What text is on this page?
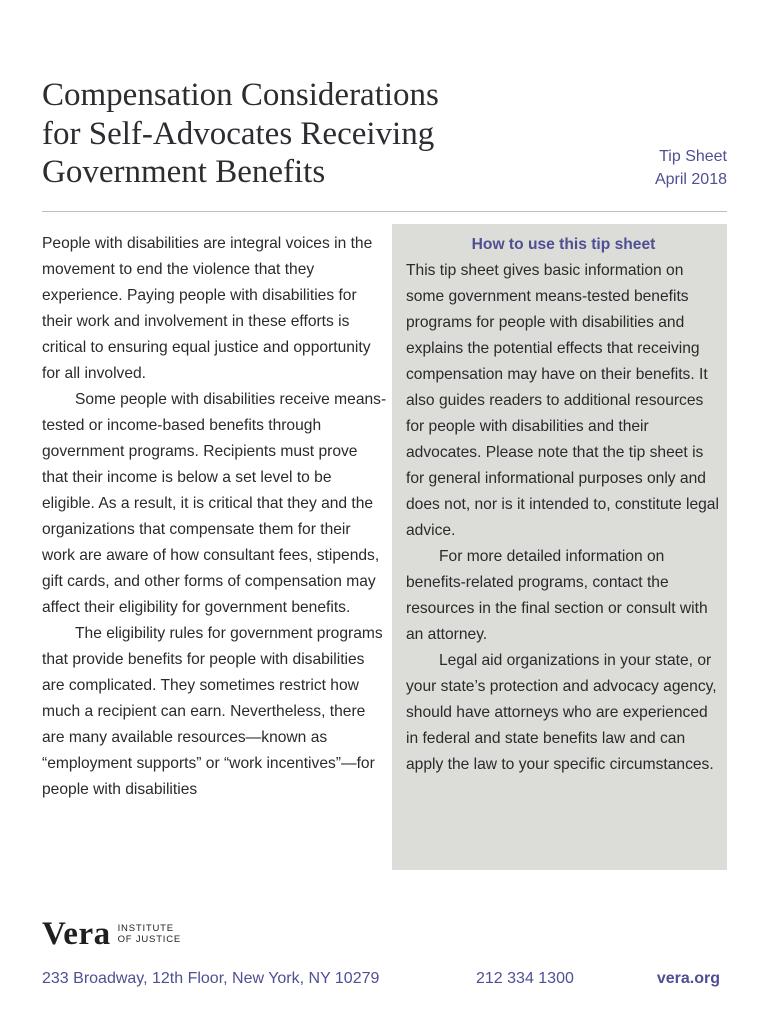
Compensation Considerations
for Self-Advocates Receiving
Government Benefits	Tip Sheet
April 2018

People with disabilities are integral voices in the movement to end the violence that they experience. Paying people with disabilities for their work and involvement in these efforts is critical to ensuring equal justice and opportunity for all involved.

Some people with disabilities receive means-tested or income-based benefits through government programs. Recipients must prove that their income is below a set level to be eligible. As a result, it is critical that they and the organizations that compensate them for their work are aware of how consultant fees, stipends, gift cards, and other forms of compensation may affect their eligibility for government benefits.

The eligibility rules for government programs that provide benefits for people with disabilities are complicated. They sometimes restrict how much a recipient can earn. Nevertheless, there are many available resources—known as “employment supports” or “work incentives”—for people with disabilities

How to use this tip sheet

This tip sheet gives basic information on some government means-tested benefits programs for people with disabilities and explains the potential effects that receiving compensation may have on their benefits. It also guides readers to additional resources for people with disabilities and their advocates. Please note that the tip sheet is for general informational purposes only and does not, nor is it intended to, constitute legal advice.

For more detailed information on benefits-related programs, contact the resources in the final section or consult with an attorney.

Legal aid organizations in your state, or your state’s protection and advocacy agency, should have attorneys who are experienced in federal and state benefits law and can apply the law to your specific circumstances.

Vera INSTITUTE
OF JUSTICE
233 Broadway, 12th Floor, New York, NY 10279	212 334 1300	vera.org
